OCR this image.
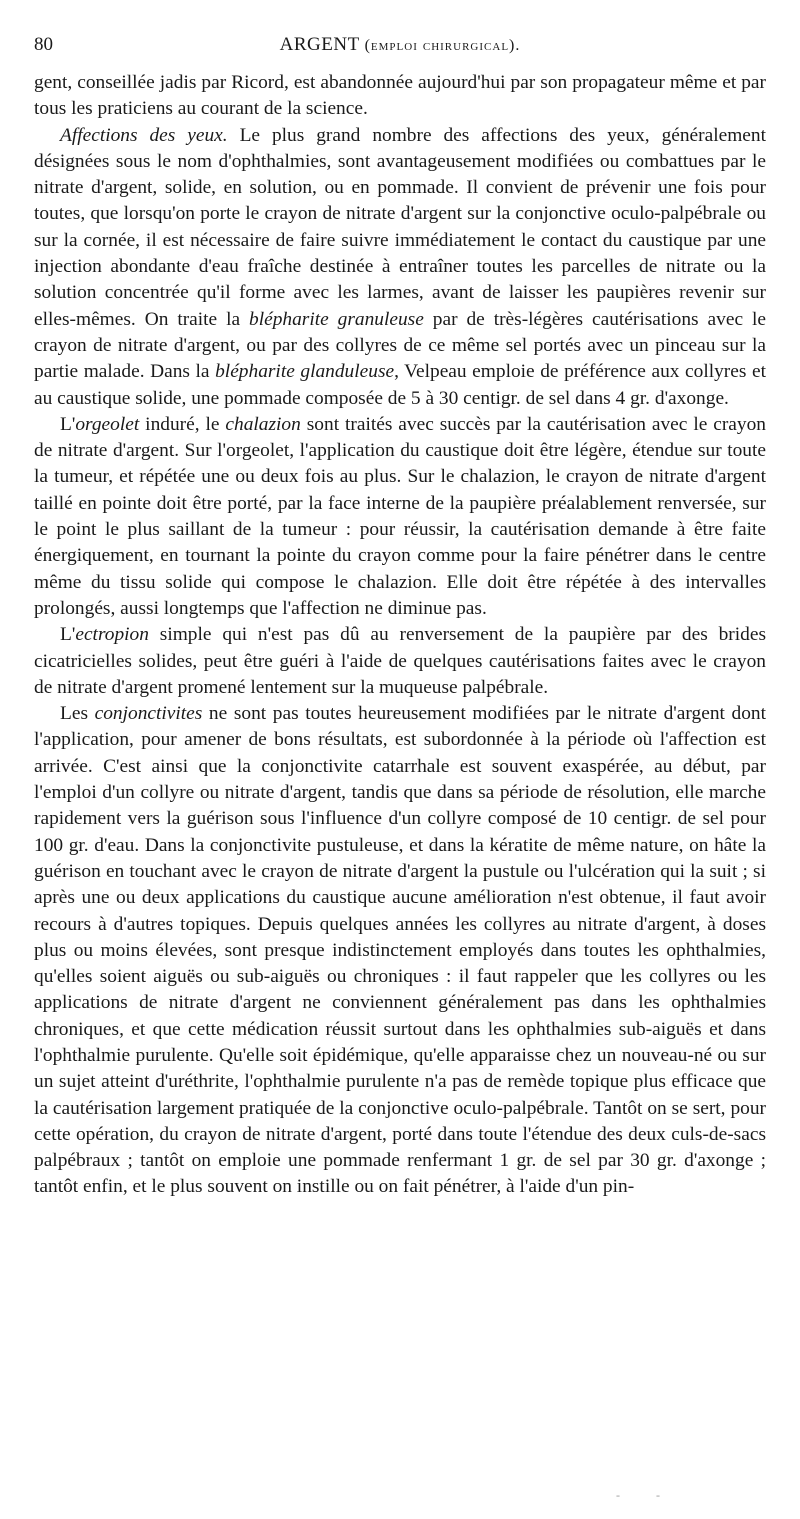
80	ARGENT (emploi chirurgical).

gent, conseillée jadis par Ricord, est abandonnée aujourd'hui par son propagateur même et par tous les praticiens au courant de la science.

Affections des yeux. Le plus grand nombre des affections des yeux, généralement désignées sous le nom d'ophthalmies, sont avantageusement modifiées ou combattues par le nitrate d'argent, solide, en solution, ou en pommade. Il convient de prévenir une fois pour toutes, que lorsqu'on porte le crayon de nitrate d'argent sur la conjonctive oculo-palpébrale ou sur la cornée, il est nécessaire de faire suivre immédiatement le contact du caustique par une injection abondante d'eau fraîche destinée à entraîner toutes les parcelles de nitrate ou la solution concentrée qu'il forme avec les larmes, avant de laisser les paupières revenir sur elles-mêmes. On traite la blépharite granuleuse par de très-légères cautérisations avec le crayon de nitrate d'argent, ou par des collyres de ce même sel portés avec un pinceau sur la partie malade. Dans la blépharite glanduleuse, Velpeau emploie de préférence aux collyres et au caustique solide, une pommade composée de 5 à 30 centigr. de sel dans 4 gr. d'axonge.

L'orgeolet induré, le chalazion sont traités avec succès par la cautérisation avec le crayon de nitrate d'argent. Sur l'orgeolet, l'application du caustique doit être légère, étendue sur toute la tumeur, et répétée une ou deux fois au plus. Sur le chalazion, le crayon de nitrate d'argent taillé en pointe doit être porté, par la face interne de la paupière préalablement renversée, sur le point le plus saillant de la tumeur : pour réussir, la cautérisation demande à être faite énergiquement, en tournant la pointe du crayon comme pour la faire pénétrer dans le centre même du tissu solide qui compose le chalazion. Elle doit être répétée à des intervalles prolongés, aussi longtemps que l'affection ne diminue pas.

L'ectropion simple qui n'est pas dû au renversement de la paupière par des brides cicatricielles solides, peut être guéri à l'aide de quelques cautérisations faites avec le crayon de nitrate d'argent promené lentement sur la muqueuse palpébrale.

Les conjonctivites ne sont pas toutes heureusement modifiées par le nitrate d'argent dont l'application, pour amener de bons résultats, est subordonnée à la période où l'affection est arrivée. C'est ainsi que la conjonctivite catarrhale est souvent exaspérée, au début, par l'emploi d'un collyre ou nitrate d'argent, tandis que dans sa période de résolution, elle marche rapidement vers la guérison sous l'influence d'un collyre composé de 10 centigr. de sel pour 100 gr. d'eau. Dans la conjonctivite pustuleuse, et dans la kératite de même nature, on hâte la guérison en touchant avec le crayon de nitrate d'argent la pustule ou l'ulcération qui la suit ; si après une ou deux applications du caustique aucune amélioration n'est obtenue, il faut avoir recours à d'autres topiques. Depuis quelques années les collyres au nitrate d'argent, à doses plus ou moins élevées, sont presque indistinctement employés dans toutes les ophthalmies, qu'elles soient aiguës ou sub-aiguës ou chroniques : il faut rappeler que les collyres ou les applications de nitrate d'argent ne conviennent généralement pas dans les ophthalmies chroniques, et que cette médication réussit surtout dans les ophthalmies sub-aiguës et dans l'ophthalmie purulente. Qu'elle soit épidémique, qu'elle apparaisse chez un nouveau-né ou sur un sujet atteint d'uréthrite, l'ophthalmie purulente n'a pas de remède topique plus efficace que la cautérisation largement pratiquée de la conjonctive oculo-palpébrale. Tantôt on se sert, pour cette opération, du crayon de nitrate d'argent, porté dans toute l'étendue des deux culs-de-sacs palpébraux ; tantôt on emploie une pommade renfermant 1 gr. de sel par 30 gr. d'axonge ; tantôt enfin, et le plus souvent on instille ou on fait pénétrer, à l'aide d'un pin-

-	-
